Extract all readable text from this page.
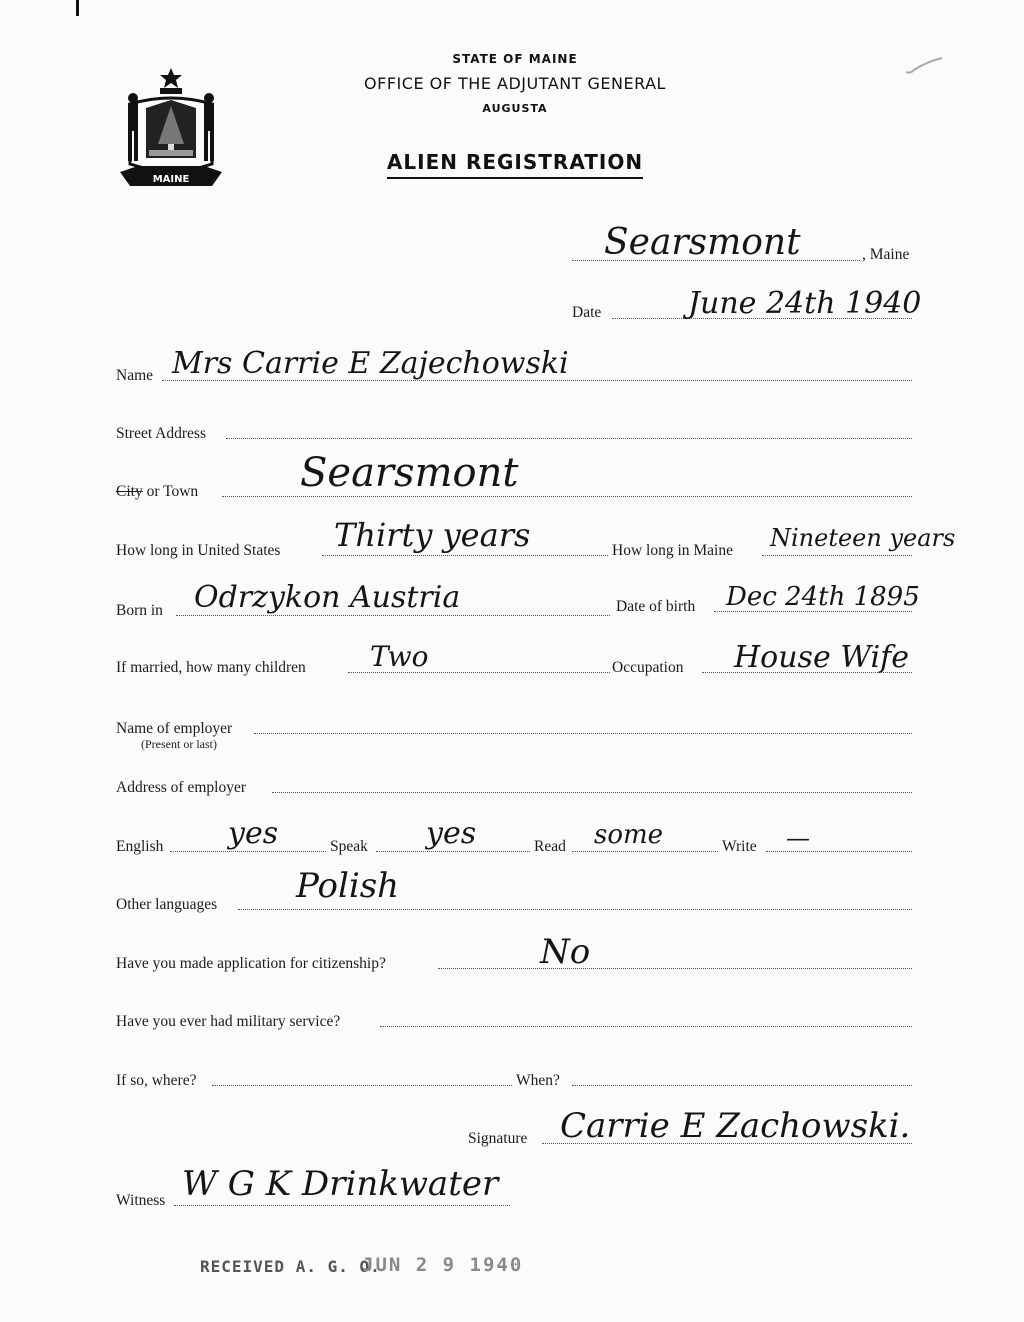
MAINE
STATE OF MAINE
OFFICE OF THE ADJUTANT GENERAL
AUGUSTA
ALIEN REGISTRATION
Searsmont	, Maine
Date	June 24th 1940
Name Mrs Carrie E Zajechowski
Street Address
City or Town	Searsmont
How long in United States Thirty years	How long in Maine Nineteen years
Born in Odrzykon Austria	Date of birth Dec 24th 1895
If married, how many children Two	Occupation House Wife
Name of employer
(Present or last)
Address of employer
English yes	Speak yes	Read some	Write —
Other languages Polish
Have you made application for citizenship?	No
Have you ever had military service?
If so, where?	When?
Signature Carrie E Zachowski.
Witness W G K Drinkwater
RECEIVED A. G. O.
JUN 2 9 1940
